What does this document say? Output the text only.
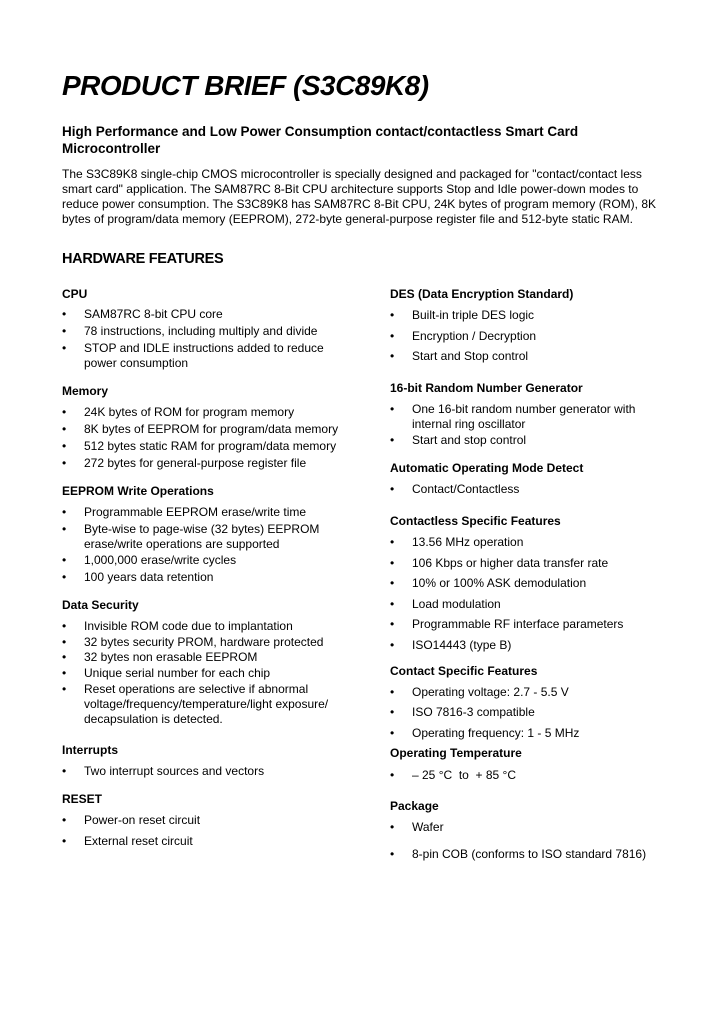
PRODUCT BRIEF (S3C89K8)
High Performance and Low Power Consumption contact/contactless Smart Card Microcontroller

The S3C89K8 single-chip CMOS microcontroller is specially designed and packaged for "contact/contact less smart card" application. The SAM87RC 8-Bit CPU architecture supports Stop and Idle power-down modes to reduce power consumption. The S3C89K8 has SAM87RC 8-Bit CPU, 24K bytes of program memory (ROM), 8K bytes of program/data memory (EEPROM), 272-byte general-purpose register file and 512-byte static RAM.

HARDWARE FEATURES
CPU
• SAM87RC 8-bit CPU core
• 78 instructions, including multiply and divide
• STOP and IDLE instructions added to reduce power consumption
Memory
• 24K bytes of ROM for program memory
• 8K bytes of EEPROM for program/data memory
• 512 bytes static RAM for program/data memory
• 272 bytes for general-purpose register file
EEPROM Write Operations
• Programmable EEPROM erase/write time
• Byte-wise to page-wise (32 bytes) EEPROM erase/write operations are supported
• 1,000,000 erase/write cycles
• 100 years data retention
Data Security
• Invisible ROM code due to implantation
• 32 bytes security PROM, hardware protected
• 32 bytes non erasable EEPROM
• Unique serial number for each chip
• Reset operations are selective if abnormal voltage/frequency/temperature/light exposure/ decapsulation is detected.
Interrupts
• Two interrupt sources and vectors
RESET
• Power-on reset circuit
• External reset circuit
DES (Data Encryption Standard)
• Built-in triple DES logic
• Encryption / Decryption
• Start and Stop control
16-bit Random Number Generator
• One 16-bit random number generator with internal ring oscillator
• Start and stop control
Automatic Operating Mode Detect
• Contact/Contactless
Contactless Specific Features
• 13.56 MHz operation
• 106 Kbps or higher data transfer rate
• 10% or 100% ASK demodulation
• Load modulation
• Programmable RF interface parameters
• ISO14443 (type B)
Contact Specific Features
• Operating voltage: 2.7 - 5.5 V
• ISO 7816-3 compatible
• Operating frequency: 1 - 5 MHz
Operating Temperature
• – 25 °C  to  + 85 °C
Package
• Wafer
• 8-pin COB (conforms to ISO standard 7816)
